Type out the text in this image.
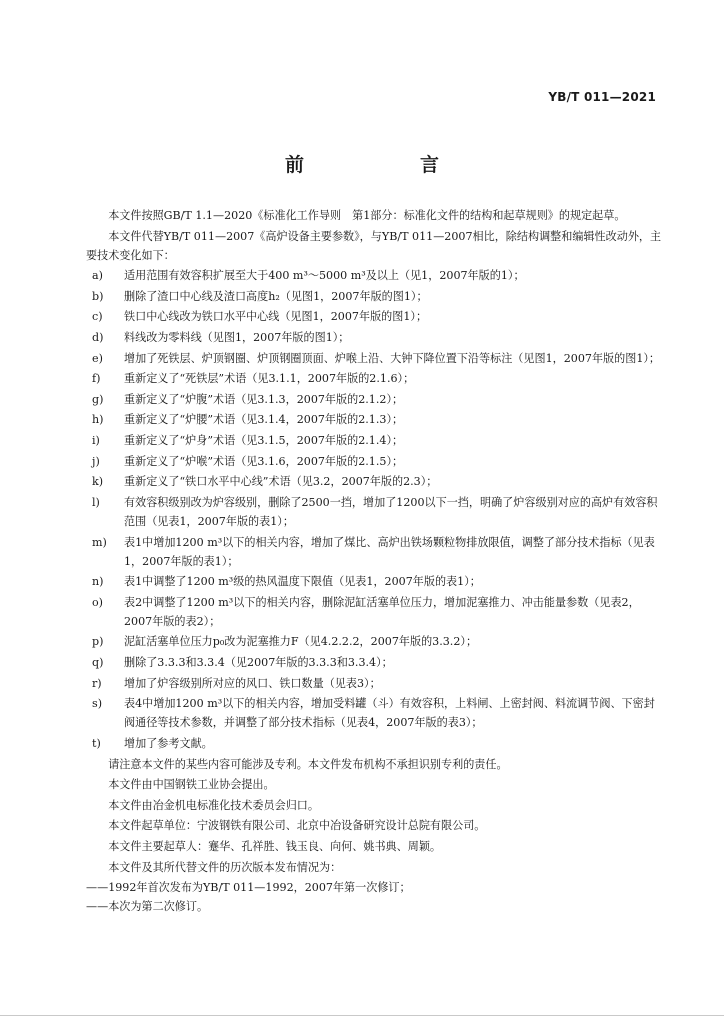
YB/T 011—2021
前　　言

本文件按照GB/T 1.1—2020《标准化工作导则　第1部分：标准化文件的结构和起草规则》的规定起草。

本文件代替YB/T 011—2007《高炉设备主要参数》，与YB/T 011—2007相比，除结构调整和编辑性改动外，主要技术变化如下：

a)	适用范围有效容积扩展至大于400 m³～5000 m³及以上（见1，2007年版的1）；
b)	删除了渣口中心线及渣口高度h₂（见图1，2007年版的图1）；
c)	铁口中心线改为铁口水平中心线（见图1，2007年版的图1）；
d)	料线改为零料线（见图1，2007年版的图1）；
e)	增加了死铁层、炉顶钢圈、炉顶钢圈顶面、炉喉上沿、大钟下降位置下沿等标注（见图1，2007年版的图1）；
f)	重新定义了“死铁层”术语（见3.1.1，2007年版的2.1.6）；
g)	重新定义了“炉腹”术语（见3.1.3，2007年版的2.1.2）；
h)	重新定义了“炉腰”术语（见3.1.4，2007年版的2.1.3）；
i)	重新定义了“炉身”术语（见3.1.5，2007年版的2.1.4）；
j)	重新定义了“炉喉”术语（见3.1.6，2007年版的2.1.5）；
k)	重新定义了“铁口水平中心线”术语（见3.2，2007年版的2.3）；
l)	有效容积级别改为炉容级别，删除了2500一挡，增加了1200以下一挡，明确了炉容级别对应的高炉有效容积范围（见表1，2007年版的表1）；
m)	表1中增加1200 m³以下的相关内容，增加了煤比、高炉出铁场颗粒物排放限值，调整了部分技术指标（见表1，2007年版的表1）；
n)	表1中调整了1200 m³级的热风温度下限值（见表1，2007年版的表1）；
o)	表2中调整了1200 m³以下的相关内容，删除泥缸活塞单位压力，增加泥塞推力、冲击能量参数（见表2，2007年版的表2）；
p)	泥缸活塞单位压力p₀改为泥塞推力F（见4.2.2.2，2007年版的3.3.2）；
q)	删除了3.3.3和3.3.4（见2007年版的3.3.3和3.3.4）；
r)	增加了炉容级别所对应的风口、铁口数量（见表3）；
s)	表4中增加1200 m³以下的相关内容，增加受料罐（斗）有效容积，上料闸、上密封阀、料流调节阀、下密封阀通径等技术参数，并调整了部分技术指标（见表4，2007年版的表3）；
t)	增加了参考文献。

请注意本文件的某些内容可能涉及专利。本文件发布机构不承担识别专利的责任。

本文件由中国钢铁工业协会提出。

本文件由冶金机电标准化技术委员会归口。

本文件起草单位：宁波钢铁有限公司、北京中冶设备研究设计总院有限公司。

本文件主要起草人：蹇华、孔祥胜、钱玉良、向何、姚书典、周颖。

本文件及其所代替文件的历次版本发布情况为：

——1992年首次发布为YB/T 011—1992，2007年第一次修订；
——本次为第二次修订。
